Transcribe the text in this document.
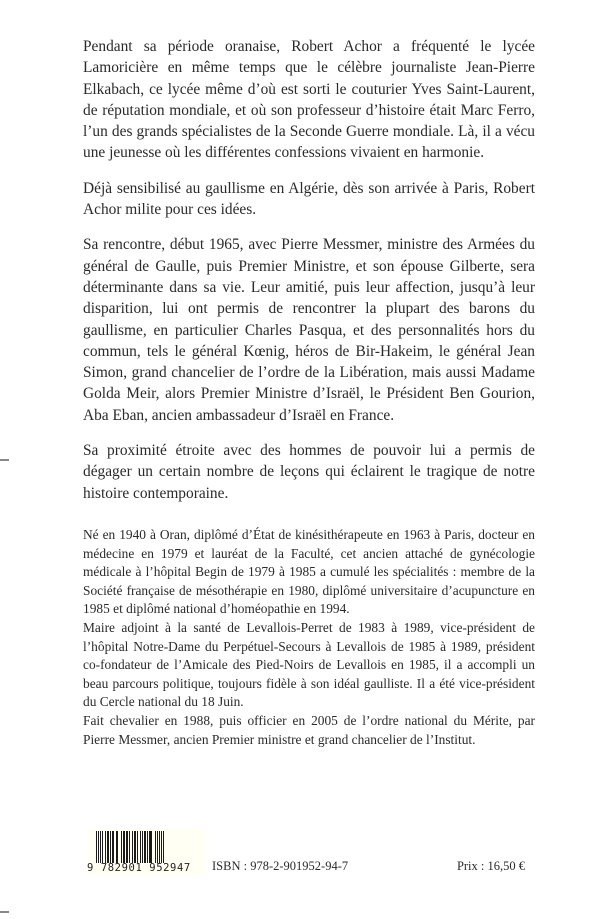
Pendant sa période oranaise, Robert Achor a fréquenté le lycée Lamoricière en même temps que le célèbre journaliste Jean-Pierre Elkabach, ce lycée même d’où est sorti le couturier Yves Saint-Laurent, de réputation mondiale, et où son professeur d’histoire était Marc Ferro, l’un des grands spécialistes de la Seconde Guerre mondiale. Là, il a vécu une jeunesse où les différentes confessions vivaient en harmonie.

Déjà sensibilisé au gaullisme en Algérie, dès son arrivée à Paris, Robert Achor milite pour ces idées.

Sa rencontre, début 1965, avec Pierre Messmer, ministre des Armées du général de Gaulle, puis Premier Ministre, et son épouse Gilberte, sera déterminante dans sa vie. Leur amitié, puis leur affection, jusqu’à leur disparition, lui ont permis de rencontrer la plupart des barons du gaullisme, en particulier Charles Pasqua, et des personnalités hors du commun, tels le général Kœnig, héros de Bir-Hakeim, le général Jean Simon, grand chancelier de l’ordre de la Libération, mais aussi Madame Golda Meir, alors Premier Ministre d’Israël, le Président Ben Gourion, Aba Eban, ancien ambassadeur d’Israël en France.

Sa proximité étroite avec des hommes de pouvoir lui a permis de dégager un certain nombre de leçons qui éclairent le tragique de notre histoire contemporaine.

Né en 1940 à Oran, diplômé d’État de kinésithérapeute en 1963 à Paris, docteur en médecine en 1979 et lauréat de la Faculté, cet ancien attaché de gynécologie médicale à l’hôpital Begin de 1979 à 1985 a cumulé les spécialités : membre de la Société française de mésothérapie en 1980, diplômé universitaire d’acupuncture en 1985 et diplômé national d’homéopathie en 1994.

Maire adjoint à la santé de Levallois-Perret de 1983 à 1989, vice-président de l’hôpital Notre-Dame du Perpétuel-Secours à Levallois de 1985 à 1989, président co-fondateur de l’Amicale des Pied-Noirs de Levallois en 1985, il a accompli un beau parcours politique, toujours fidèle à son idéal gaulliste. Il a été vice-président du Cercle national du 18 Juin.

Fait chevalier en 1988, puis officier en 2005 de l’ordre national du Mérite, par Pierre Messmer, ancien Premier ministre et grand chancelier de l’Institut.

9 782901 952947	ISBN : 978-2-901952-94-7	Prix : 16,50 €
